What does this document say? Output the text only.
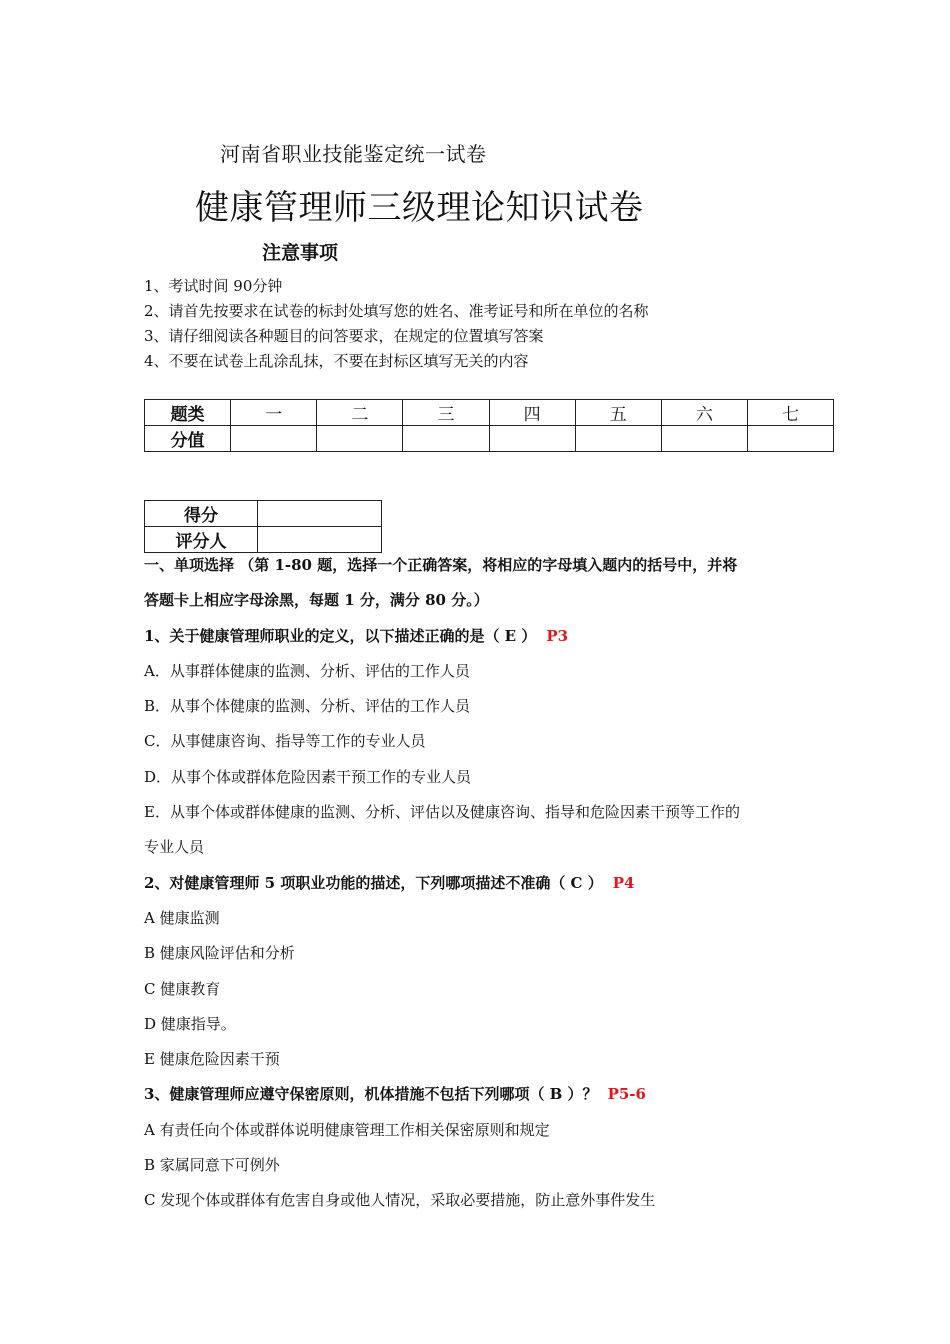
河南省职业技能鉴定统一试卷
健康管理师三级理论知识试卷
注意事项
1、考试时间 90分钟
2、请首先按要求在试卷的标封处填写您的姓名、准考证号和所在单位的名称
3、请仔细阅读各种题目的问答要求，在规定的位置填写答案
4、不要在试卷上乱涂乱抹，不要在封标区填写无关的内容
题类	一	二	三	四	五	六	七
分值							
得分	
评分人	
一、单项选择 （第 1-80 题，选择一个正确答案，将相应的字母填入题内的括号中，并将
答题卡上相应字母涂黑，每题 1 分，满分 80 分。）
1、关于健康管理师职业的定义，以下描述正确的是（ E ） P3
A．从事群体健康的监测、分析、评估的工作人员
B．从事个体健康的监测、分析、评估的工作人员
C．从事健康咨询、指导等工作的专业人员
D．从事个体或群体危险因素干预工作的专业人员
E．从事个体或群体健康的监测、分析、评估以及健康咨询、指导和危险因素干预等工作的
专业人员
2、对健康管理师 5 项职业功能的描述，下列哪项描述不准确（ C ） P4
A 健康监测
B 健康风险评估和分析
C 健康教育
D 健康指导。
E 健康危险因素干预
3、健康管理师应遵守保密原则，机体措施不包括下列哪项（ B ）？ P5-6
A 有责任向个体或群体说明健康管理工作相关保密原则和规定
B 家属同意下可例外
C 发现个体或群体有危害自身或他人情况，采取必要措施，防止意外事件发生
